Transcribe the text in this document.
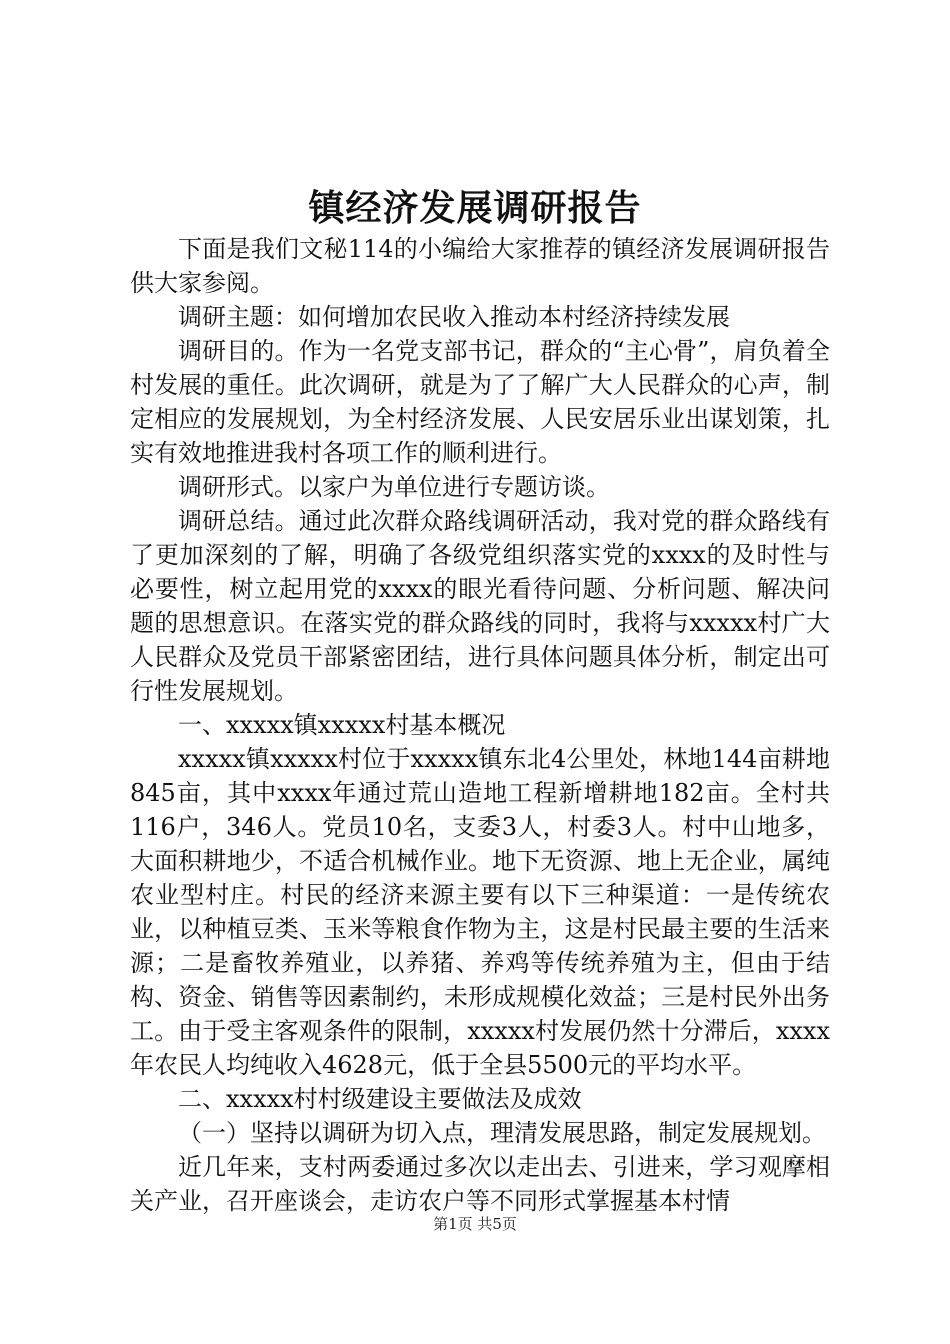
镇经济发展调研报告

下面是我们文秘114的小编给大家推荐的镇经济发展调研报告供大家参阅。

调研主题：如何增加农民收入推动本村经济持续发展

调研目的。作为一名党支部书记，群众的“主心骨”，肩负着全村发展的重任。此次调研，就是为了了解广大人民群众的心声，制定相应的发展规划，为全村经济发展、人民安居乐业出谋划策，扎实有效地推进我村各项工作的顺利进行。

调研形式。以家户为单位进行专题访谈。

调研总结。通过此次群众路线调研活动，我对党的群众路线有了更加深刻的了解，明确了各级党组织落实党的xxxx的及时性与必要性，树立起用党的xxxx的眼光看待问题、分析问题、解决问题的思想意识。在落实党的群众路线的同时，我将与xxxxx村广大人民群众及党员干部紧密团结，进行具体问题具体分析，制定出可行性发展规划。

一、xxxxx镇xxxxx村基本概况

xxxxx镇xxxxx村位于xxxxx镇东北4公里处，林地144亩耕地845亩，其中xxxx年通过荒山造地工程新增耕地182亩。全村共116户，346人。党员10名，支委3人，村委3人。村中山地多，大面积耕地少，不适合机械作业。地下无资源、地上无企业，属纯农业型村庄。村民的经济来源主要有以下三种渠道：一是传统农业，以种植豆类、玉米等粮食作物为主，这是村民最主要的生活来源；二是畜牧养殖业，以养猪、养鸡等传统养殖为主，但由于结构、资金、销售等因素制约，未形成规模化效益；三是村民外出务工。由于受主客观条件的限制，xxxxx村发展仍然十分滞后，xxxx年农民人均纯收入4628元，低于全县5500元的平均水平。

二、xxxxx村村级建设主要做法及成效

（一）坚持以调研为切入点，理清发展思路，制定发展规划。

近几年来，支村两委通过多次以走出去、引进来，学习观摩相关产业，召开座谈会，走访农户等不同形式掌握基本村情

第1页 共5页
